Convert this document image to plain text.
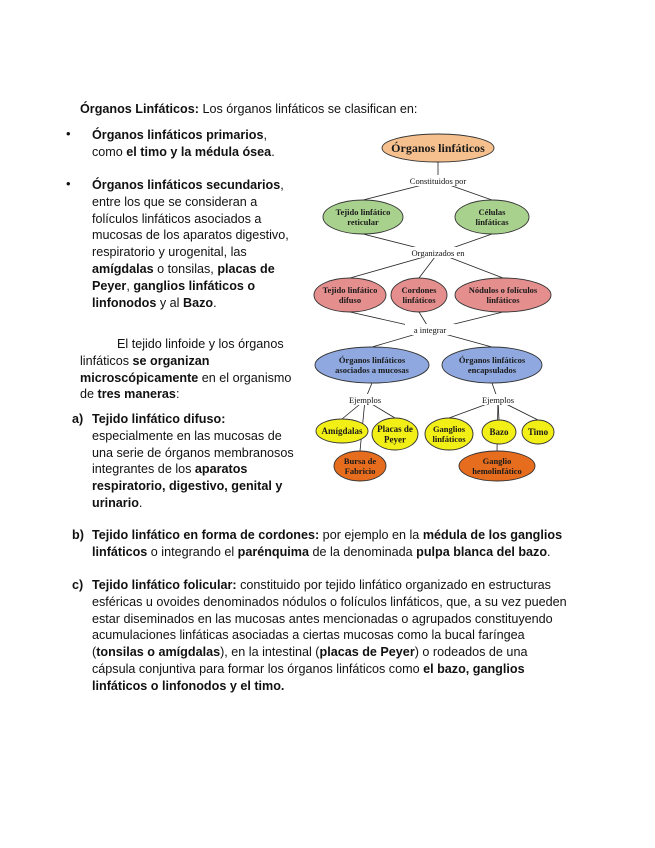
Órganos Linfáticos: Los órganos linfáticos se clasifican en:

• Órganos linfáticos primarios,

como el timo y la médula ósea.

• Órganos linfáticos secundarios,

entre los que se consideran a

folículos linfáticos asociados a

mucosas de los aparatos digestivo,

respiratorio y urogenital, las

amígdalas o tonsilas, placas de

Peyer, ganglios linfáticos o

linfonodos y al Bazo.

El tejido linfoide y los órganos

linfáticos se organizan

microscópicamente en el organismo

de tres maneras:

a) Tejido linfático difuso:

especialmente en las mucosas de

una serie de órganos membranosos

integrantes de los aparatos

respiratorio, digestivo, genital y

urinario.

b) Tejido linfático en forma de cordones: por ejemplo en la médula de los ganglios

linfáticos o integrando el parénquima de la denominada pulpa blanca del bazo.

c) Tejido linfático folicular: constituido por tejido linfático organizado en estructuras

esféricas u ovoides denominados nódulos o folículos linfáticos, que, a su vez pueden

estar diseminados en las mucosas antes mencionadas o agrupados constituyendo

acumulaciones linfáticas asociadas a ciertas mucosas como la bucal faríngea

(tonsilas o amígdalas), en la intestinal (placas de Peyer) o rodeados de una

cápsula conjuntiva para formar los órganos linfáticos como el bazo, ganglios

linfáticos o linfonodos y el timo.

Constituidos por
Organizados en
a integrar
Ejemplos	Ejemplos
Órganos linfáticos
Tejido linfático
reticular
Células
linfáticas
Tejido linfático
difuso
Cordones
linfáticos
Nódulos o folículos
linfáticos
Órganos linfáticos
asociados a mucosas
Órganos linfáticos
encapsulados
Amígdalas Placas de
Peyer
Bursa de
Fabricio
Ganglios
linfáticos
Bazo Timo
Ganglio
hemolinfático
